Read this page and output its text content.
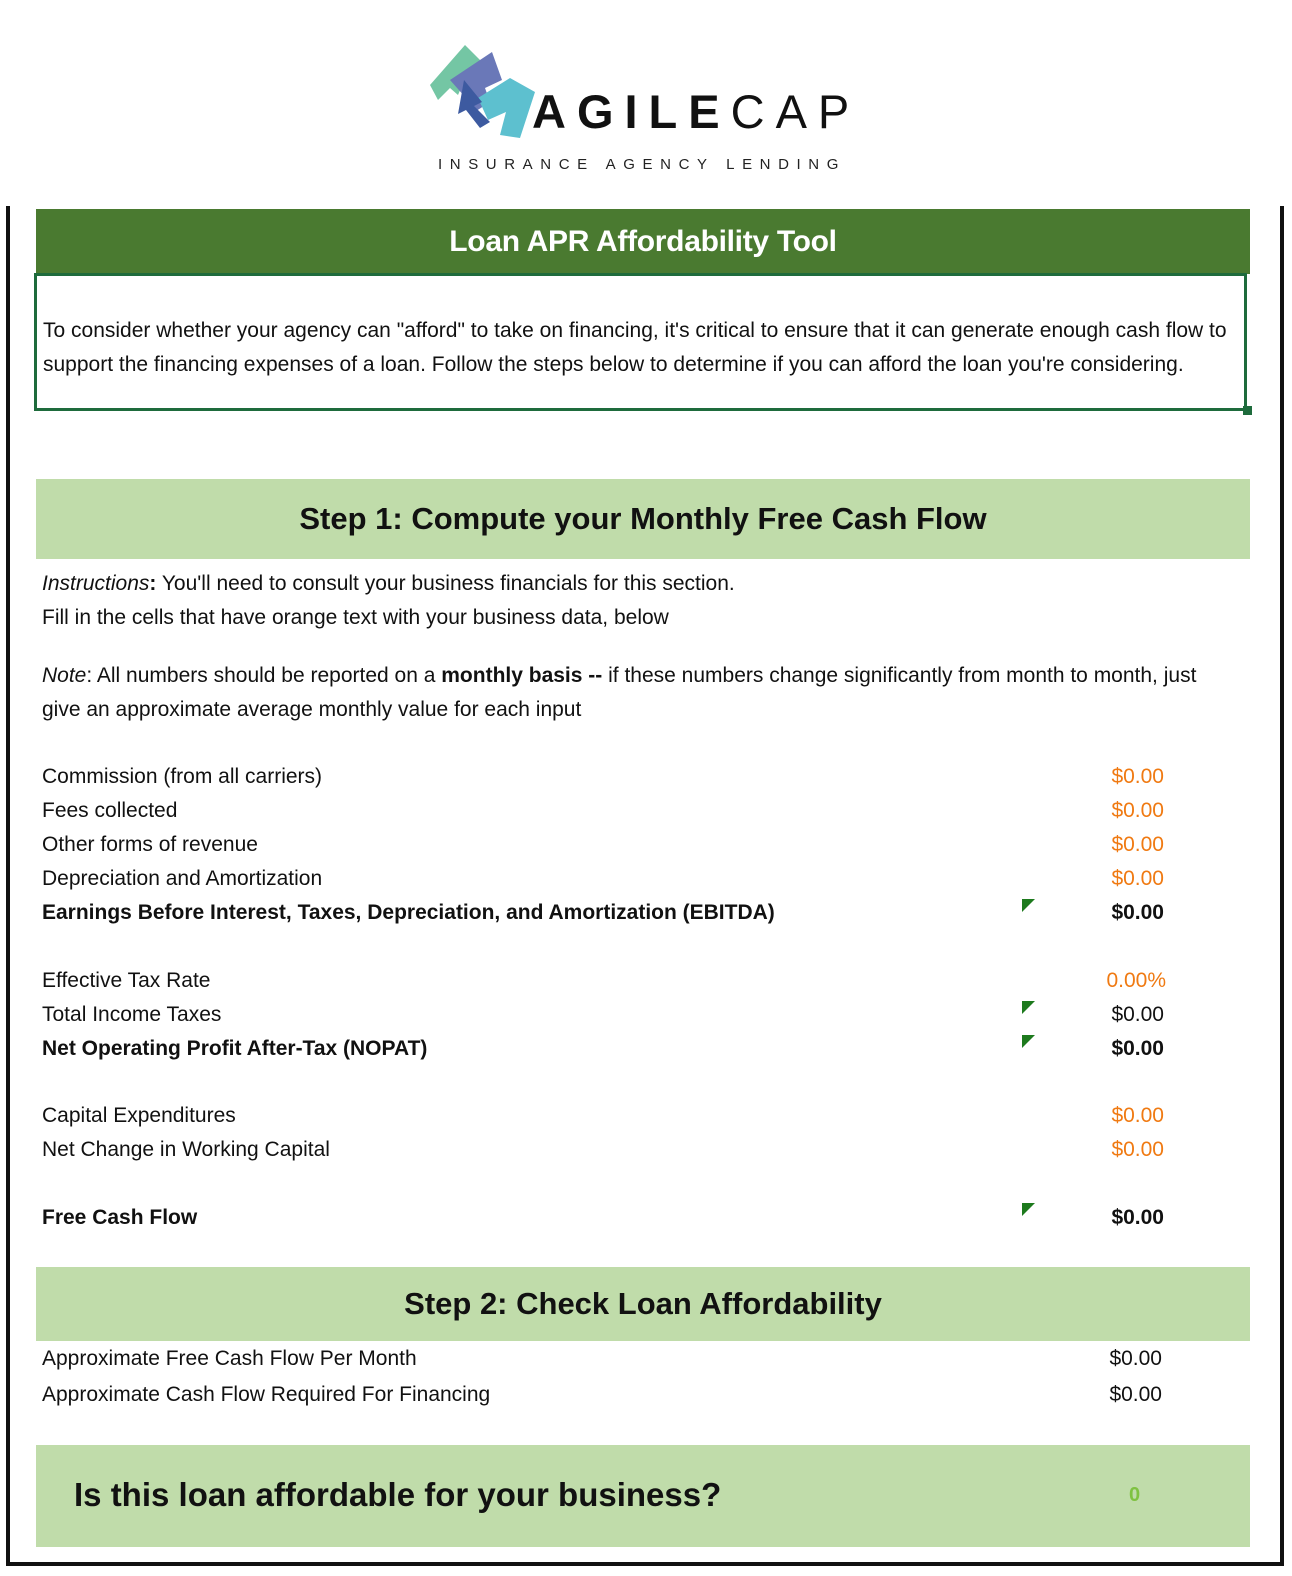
AGILECAP
INSURANCE AGENCY LENDING
Loan APR Affordability Tool
To consider whether your agency can "afford" to take on financing, it's critical to ensure that it can generate enough cash flow to support the financing expenses of a loan. Follow the steps below to determine if you can afford the loan you're considering.
Step 1: Compute your Monthly Free Cash Flow
Instructions: You'll need to consult your business financials for this section.
Fill in the cells that have orange text with your business data, below
Note: All numbers should be reported on a monthly basis -- if these numbers change significantly from month to month, just give an approximate average monthly value for each input
Commission (from all carriers)	$0.00
Fees collected	$0.00
Other forms of revenue	$0.00
Depreciation and Amortization	$0.00
Earnings Before Interest, Taxes, Depreciation, and Amortization (EBITDA)	$0.00
Effective Tax Rate	0.00%
Total Income Taxes	$0.00
Net Operating Profit After-Tax (NOPAT)	$0.00
Capital Expenditures	$0.00
Net Change in Working Capital	$0.00
Free Cash Flow	$0.00
Step 2: Check Loan Affordability
Approximate Free Cash Flow Per Month	$0.00
Approximate Cash Flow Required For Financing	$0.00
Is this loan affordable for your business?	0
